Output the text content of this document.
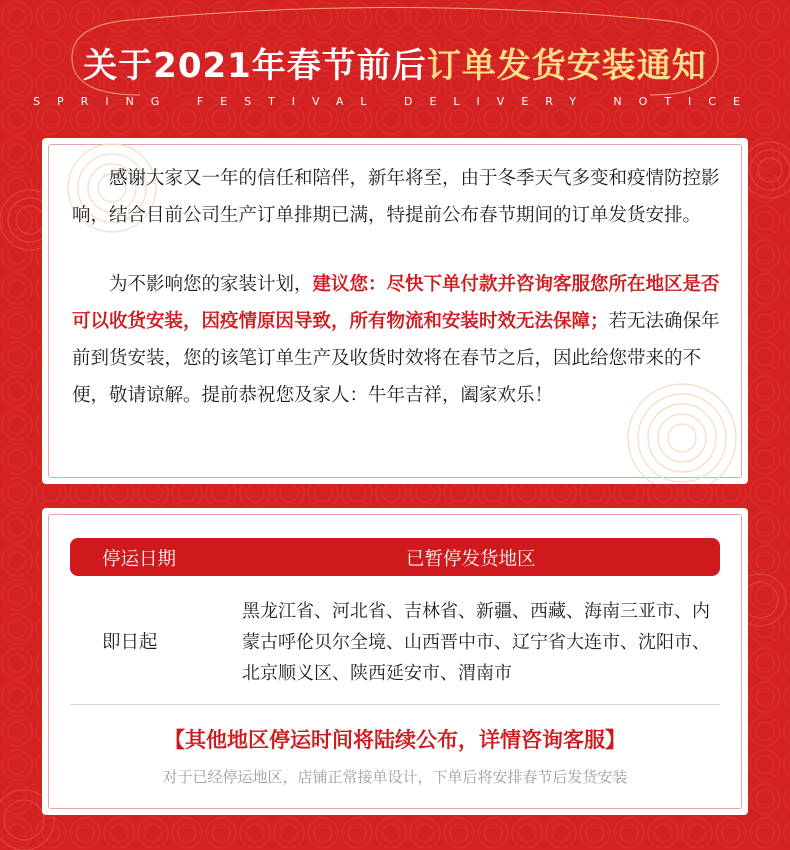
关于2021年春节前后订单发货安装通知
SPRING FESTIVAL DELIVERY NOTICE

　　感谢大家又一年的信任和陪伴，新年将至，由于冬季天气多变和疫情防控影响，结合目前公司生产订单排期已满，特提前公布春节期间的订单发货安排。

　　为不影响您的家装计划，建议您：尽快下单付款并咨询客服您所在地区是否可以收货安装，因疫情原因导致，所有物流和安装时效无法保障；若无法确保年前到货安装，您的该笔订单生产及收货时效将在春节之后，因此给您带来的不便，敬请谅解。提前恭祝您及家人：牛年吉祥，阖家欢乐！

停运日期	已暂停发货地区
即日起
黑龙江省、河北省、吉林省、新疆、西藏、海南三亚市、内蒙古呼伦贝尔全境、山西晋中市、辽宁省大连市、沈阳市、北京顺义区、陕西延安市、渭南市
【其他地区停运时间将陆续公布，详情咨询客服】
对于已经停运地区，店铺正常接单设计，下单后将安排春节后发货安装
